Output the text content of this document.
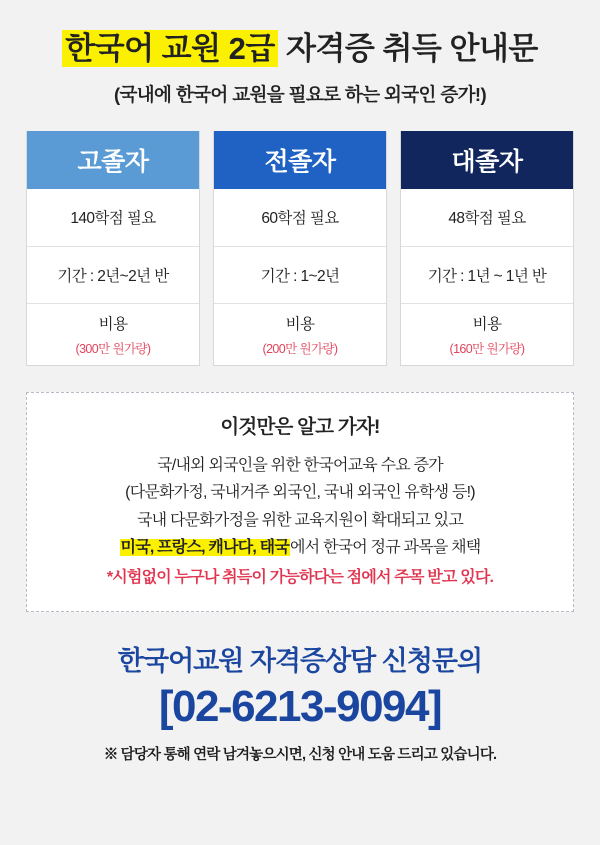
한국어 교원 2급 자격증 취득 안내문
(국내에 한국어 교원을 필요로 하는 외국인 증가!)
고졸자
140학점 필요
기간 : 2년~2년 반
비용
(300만 원가량)
전졸자
60학점 필요
기간 : 1~2년
비용
(200만 원가량)
대졸자
48학점 필요
기간 : 1년 ~ 1년 반
비용
(160만 원가량)
이것만은 알고 가자!
국/내외 외국인을 위한 한국어교육 수요 증가
(다문화가정, 국내거주 외국인, 국내 외국인 유학생 등!)
국내 다문화가정을 위한 교육지원이 확대되고 있고
미국, 프랑스, 캐나다, 태국에서 한국어 정규 과목을 채택
*시험없이 누구나 취득이 가능하다는 점에서 주목 받고 있다.
한국어교원 자격증상담 신청문의
[02-6213-9094]
※ 담당자 통해 연락 남겨놓으시면, 신청 안내 도움 드리고 있습니다.
